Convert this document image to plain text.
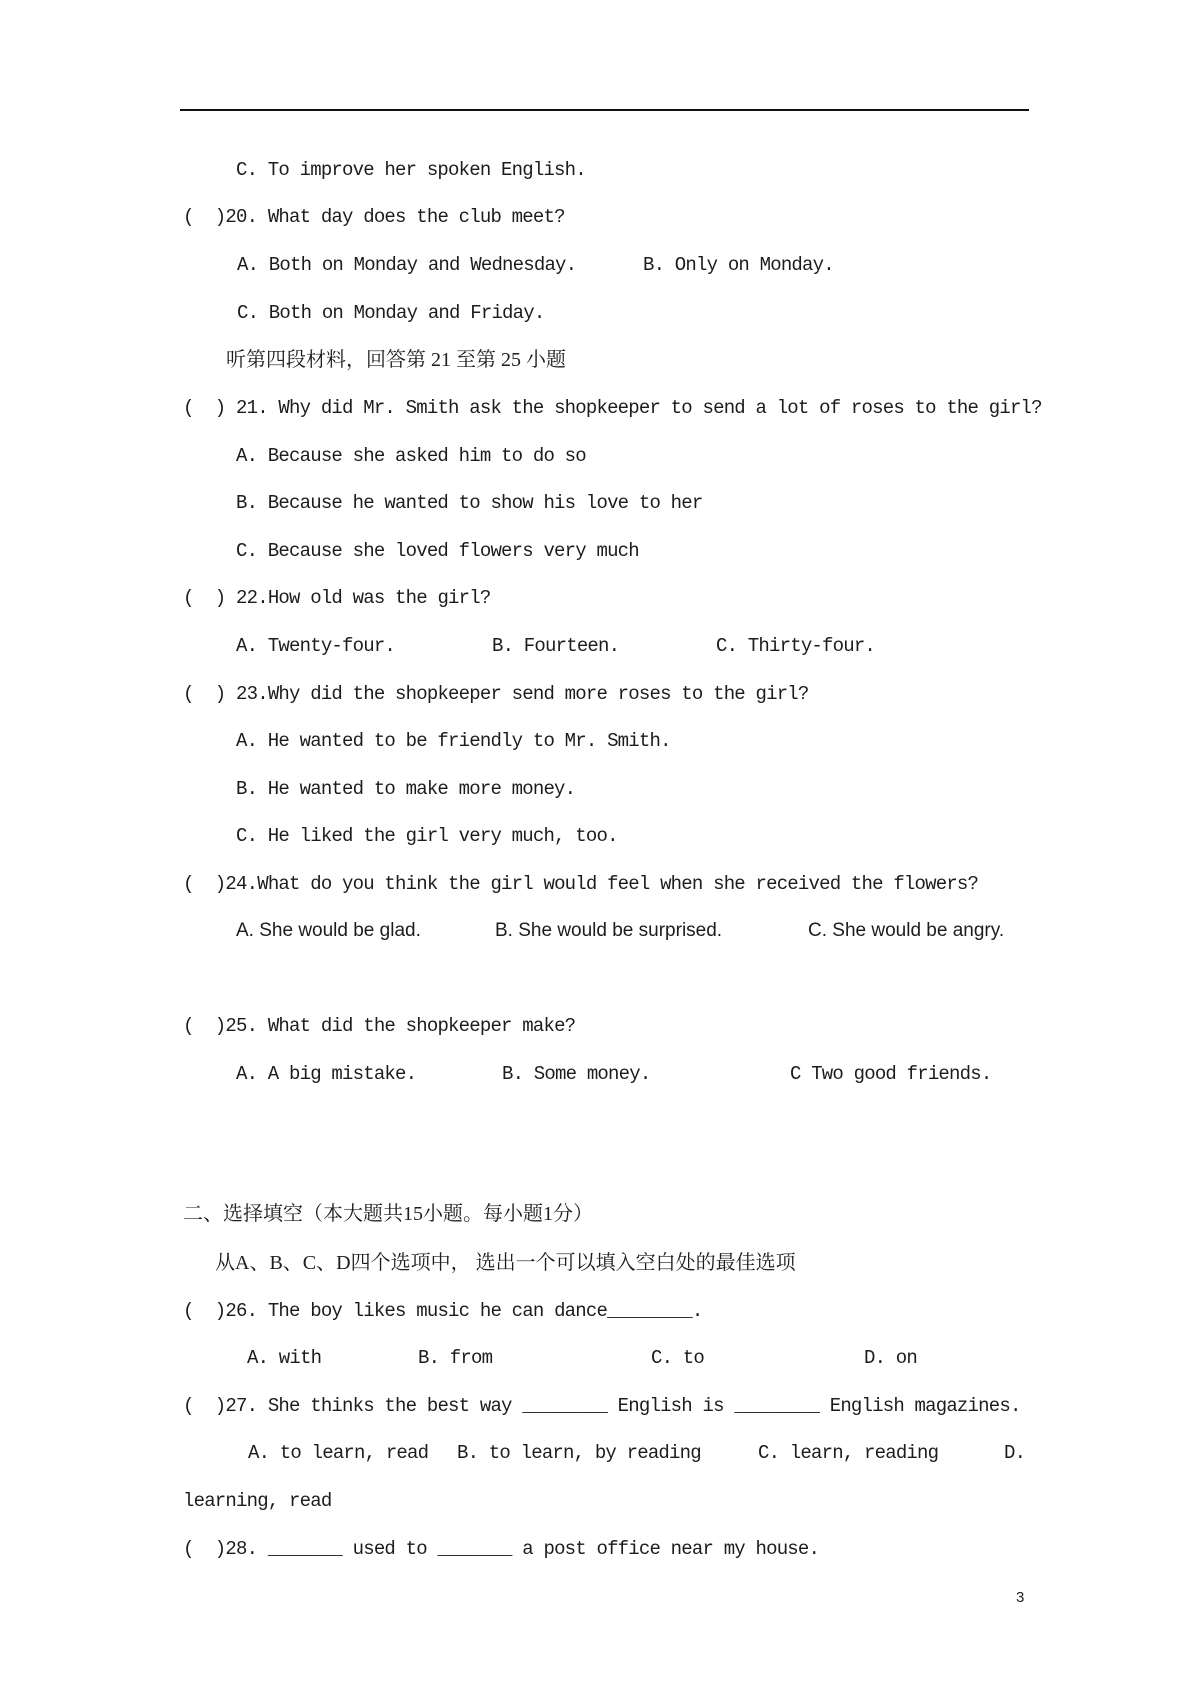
C. To improve her spoken English.
(  )20. What day does the club meet?
A. Both on Monday and Wednesday.	B. Only on Monday.
C. Both on Monday and Friday.
听第四段材料，回答第 21 至第 25 小题
(  ) 21. Why did Mr. Smith ask the shopkeeper to send a lot of roses to the girl?
A. Because she asked him to do so
B. Because he wanted to show his love to her
C. Because she loved flowers very much
(  ) 22.How old was the girl?
A. Twenty-four.	B. Fourteen.	C. Thirty-four.
(  ) 23.Why did the shopkeeper send more roses to the girl?
A. He wanted to be friendly to Mr. Smith.
B. He wanted to make more money.
C. He liked the girl very much, too.
(  )24.What do you think the girl would feel when she received the flowers?
A. She would be glad.	B. She would be surprised.	C. She would be angry.
(  )25. What did the shopkeeper make?
A. A big mistake.	B. Some money.	C Two good friends.
二、选择填空（本大题共15小题。每小题1分）
从A、B、C、D四个选项中， 选出一个可以填入空白处的最佳选项
(  )26. The boy likes music he can dance________.
A. with	B. from	C. to	D. on
(  )27. She thinks the best way ________ English is ________ English magazines.
A. to learn, read B. to learn, by reading	C. learn, reading	D.
learning, read
(  )28. _______ used to _______ a post office near my house.
3
